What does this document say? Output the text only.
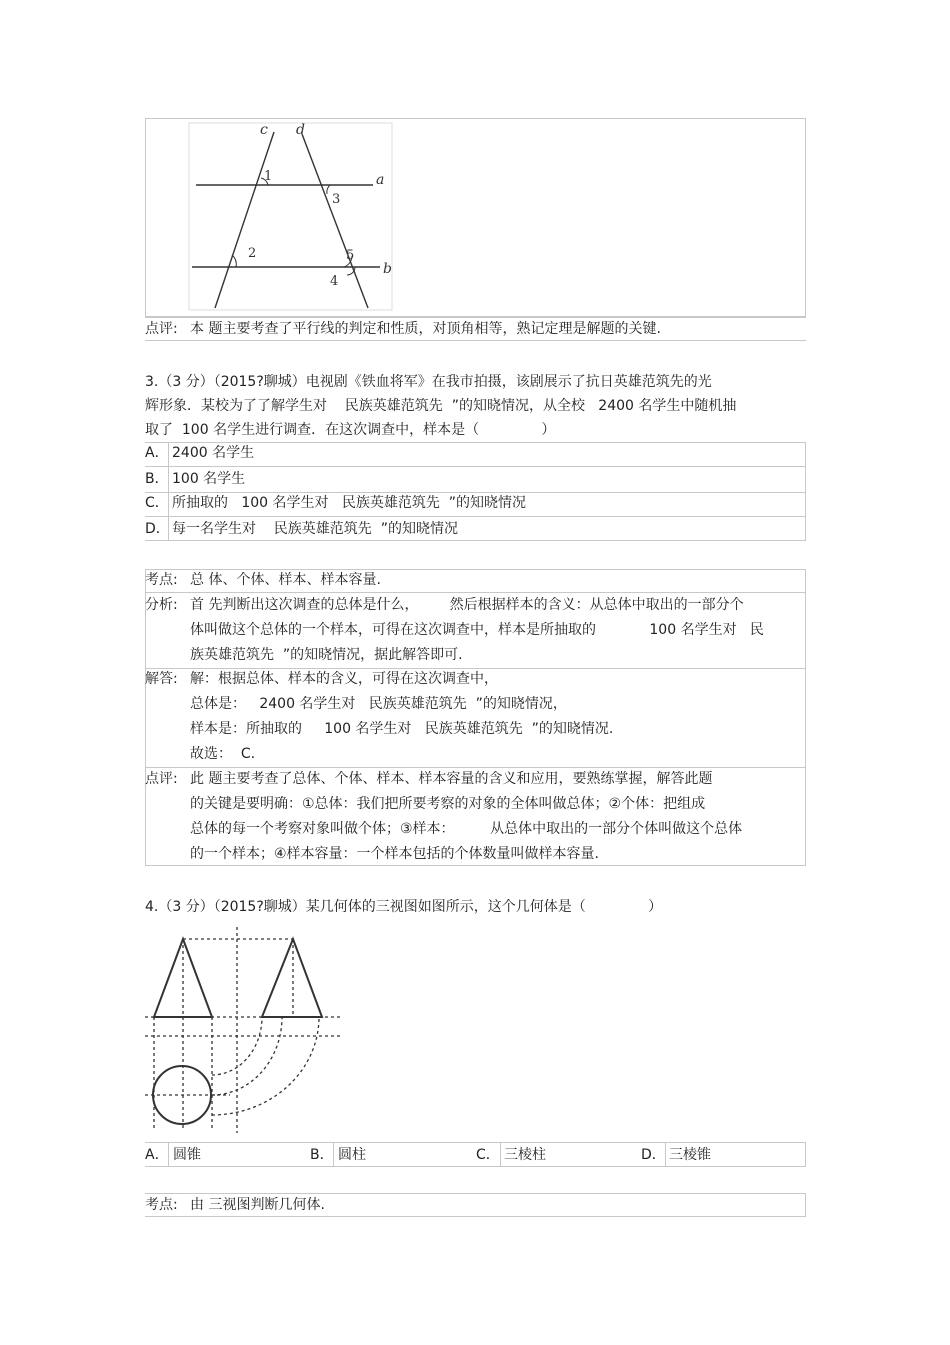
c d
a
b
1
2
3
4
5
点评: 本 题主要考查了平行线的判定和性质，对顶角相等，熟记定理是解题的关键.
3.（3 分）（2015?聊城）电视剧《铁血将军》在我市拍摄，该剧展示了抗日英雄范筑先的光
辉形象．某校为了了解学生对    民族英雄范筑先  ”的知晓情况，从全校   2400 名学生中随机抽
取了  100 名学生进行调查．在这次调查中，样本是（              ）
A． 2400 名学生
B． 100 名学生
C． 所抽取的   100 名学生对   民族英雄范筑先  ”的知晓情况
D． 每一名学生对    民族英雄范筑先  ”的知晓情况
考点: 总 体、个体、样本、样本容量.
分析: 首 先判断出这次调查的总体是什么，       然后根据样本的含义：从总体中取出的一部分个
体叫做这个总体的一个样本，可得在这次调查中，样本是所抽取的            100 名学生对   民
族英雄范筑先  ”的知晓情况，据此解答即可.
解答: 解：根据总体、样本的含义，可得在这次调查中，
总体是：   2400 名学生对   民族英雄范筑先  ”的知晓情况，
样本是：所抽取的     100 名学生对   民族英雄范筑先  ”的知晓情况.
故选：  C.
点评: 此 题主要考查了总体、个体、样本、样本容量的含义和应用，要熟练掌握，解答此题
的关键是要明确：①总体：我们把所要考察的对象的全体叫做总体；②个体：把组成
总体的每一个考察对象叫做个体；③样本：        从总体中取出的一部分个体叫做这个总体
的一个样本；④样本容量：一个样本包括的个体数量叫做样本容量.
4.（3 分）（2015?聊城）某几何体的三视图如图所示，这个几何体是（              ）
A． 圆锥	B． 圆柱	C． 三棱柱	D． 三棱锥
考点: 由 三视图判断几何体.
